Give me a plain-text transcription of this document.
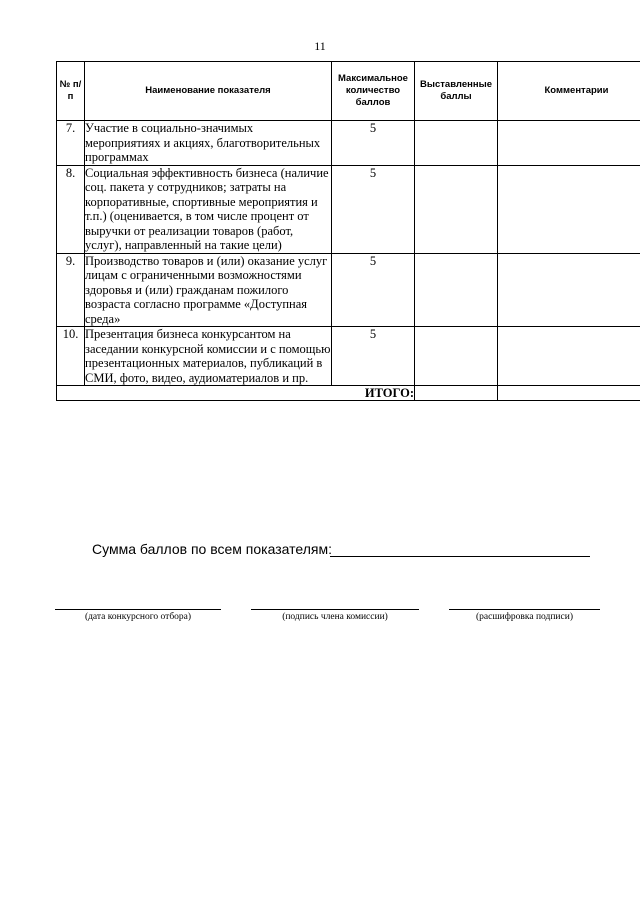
11
№ п/п	Наименование показателя	Максимальное количество баллов	Выставленные баллы	Комментарии
7.	Участие в социально-значимых мероприятиях и акциях, благотворительных программах	5		
8.	Социальная эффективность бизнеса (наличие соц. пакета у сотрудников; затраты на корпоративные, спортивные мероприятия и т.п.) (оценивается, в том числе процент от выручки от реализации товаров (работ, услуг), направленный на такие цели)	5		
9.	Производство товаров и (или) оказание услуг лицам с ограниченными возможностями здоровья и (или) гражданам пожилого возраста согласно программе «Доступная среда»	5		
10.	Презентация бизнеса конкурсантом на заседании конкурсной комиссии и с помощью презентационных материалов, публикаций в СМИ, фото, видео, аудиоматериалов и пр.	5		
ИТОГО:				
Сумма баллов по всем показателям:
(дата конкурсного отбора)	(подпись члена комиссии)	(расшифровка подписи)
